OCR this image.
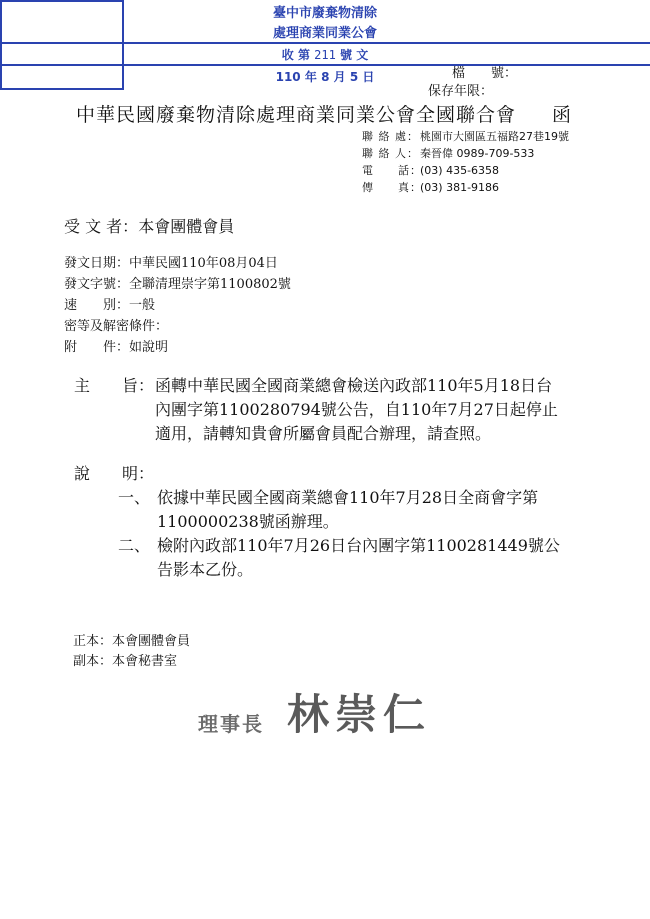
檔　　號：
保存年限：
中華民國廢棄物清除處理商業同業公會全國聯合會 函
臺中市廢棄物清除
處理商業同業公會
收 第 211 號 文
110 年 8 月 5 日
聯 絡 處：桃園市大園區五福路27巷19號
聯 絡 人：秦晉偉 0989-709-533
電　　話：(03) 435-6358
傳　　真：(03) 381-9186
受 文 者：本會團體會員
發文日期：中華民國110年08月04日
發文字號：全聯清理崇字第1100802號
速　　別：一般
密等及解密條件：
附　　件：如說明
主　　旨： 函轉中華民國全國商業總會檢送內政部110年5月18日台
內團字第1100280794號公告，自110年7月27日起停止
適用，請轉知貴會所屬會員配合辦理，請查照。
說　　明：
一、 依據中華民國全國商業總會110年7月28日全商會字第
1100000238號函辦理。
二、 檢附內政部110年7月26日台內團字第1100281449號公
告影本乙份。
正本：本會團體會員
副本：本會秘書室
理事長 林崇仁
